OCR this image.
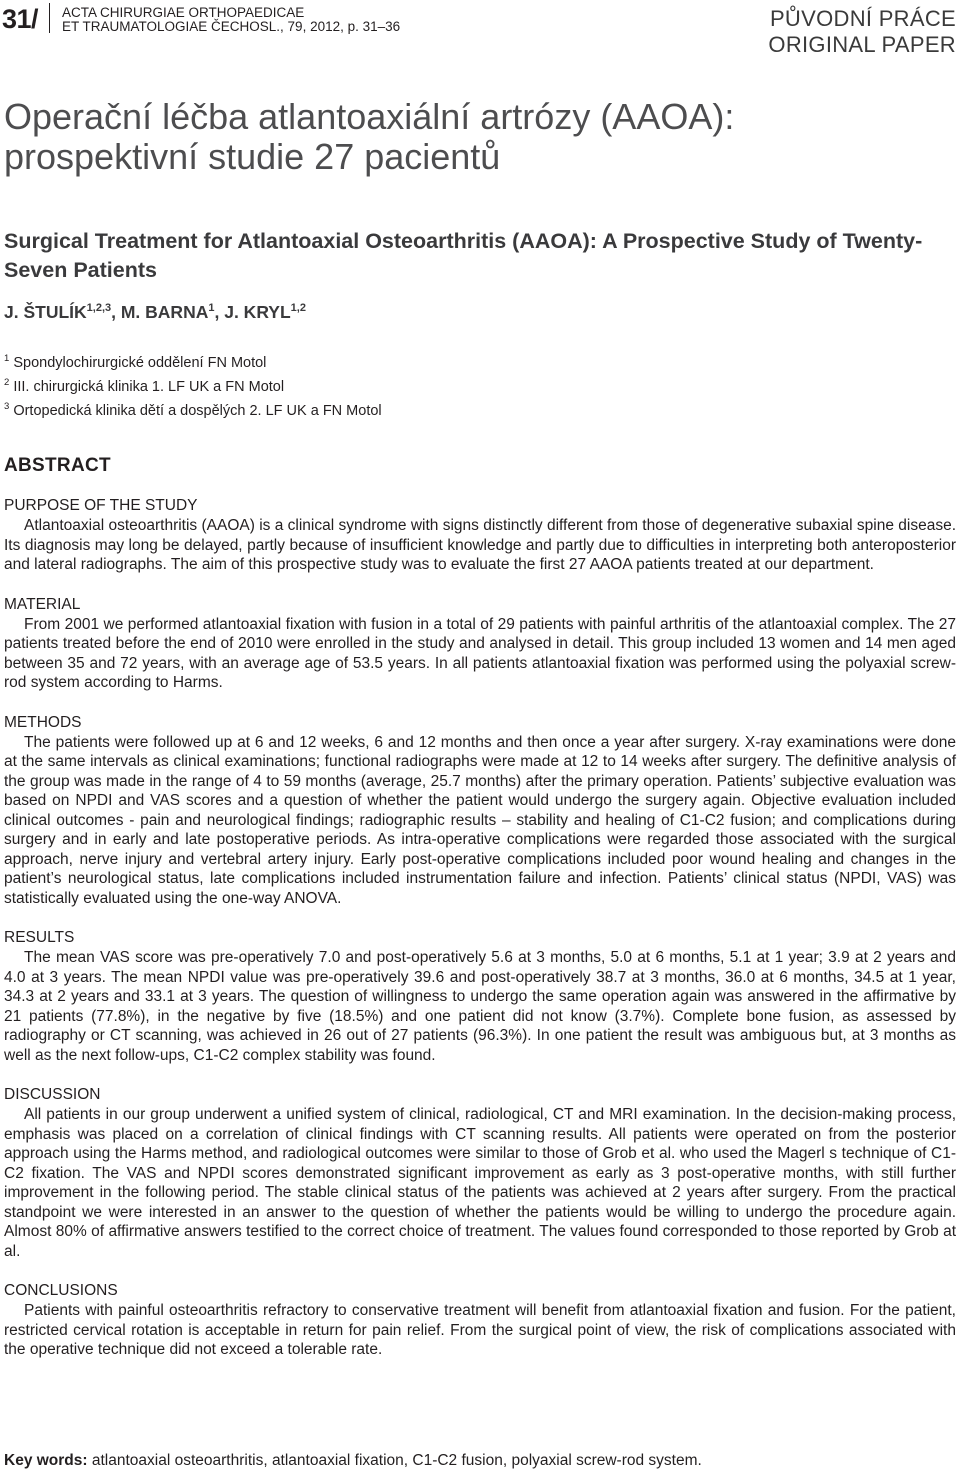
31/ ACTA CHIRURGIAE ORTHOPAEDICAE
ET TRAUMATOLOGIAE ČECHOSL., 79, 2012, p. 31–36	PŮVODNÍ PRÁCE
ORIGINAL PAPER
Operační léčba atlantoaxiální artrózy (AAOA):
prospektivní studie 27 pacientů
Surgical Treatment for Atlantoaxial Osteoarthritis (AAOA): A Prospective Study of Twenty-Seven Patients
J. ŠTULÍK$^{1,2,3}$, M. BARNA$^1$, J. KRYL$^{1,2}$
$^1$ Spondylochirurgické oddělení FN Motol
$^2$ III. chirurgická klinika 1. LF UK a FN Motol
$^3$ Ortopedická klinika dětí a dospělých 2. LF UK a FN Motol
ABSTRACT
PURPOSE OF THE STUDY
Atlantoaxial osteoarthritis (AAOA) is a clinical syndrome with signs distinctly different from those of degenerative subaxial spine disease. Its diagnosis may long be delayed, partly because of insufficient knowledge and partly due to difficulties in interpreting both anteroposterior and lateral radiographs. The aim of this prospective study was to evaluate the first 27 AAOA patients treated at our department.
MATERIAL
From 2001 we performed atlantoaxial fixation with fusion in a total of 29 patients with painful arthritis of the atlantoaxial complex. The 27 patients treated before the end of 2010 were enrolled in the study and analysed in detail. This group included 13 women and 14 men aged between 35 and 72 years, with an average age of 53.5 years. In all patients atlantoaxial fixation was performed using the polyaxial screw-rod system according to Harms.
METHODS
The patients were followed up at 6 and 12 weeks, 6 and 12 months and then once a year after surgery. X-ray examinations were done at the same intervals as clinical examinations; functional radiographs were made at 12 to 14 weeks after surgery. The definitive analysis of the group was made in the range of 4 to 59 months (average, 25.7 months) after the primary operation. Patients’ subjective evaluation was based on NPDI and VAS scores and a question of whether the patient would undergo the surgery again. Objective evaluation included clinical outcomes - pain and neurological findings; radiographic results – stability and healing of C1-C2 fusion; and complications during surgery and in early and late postoperative periods. As intra-operative complications were regarded those associated with the surgical approach, nerve injury and vertebral artery injury. Early post-operative complications included poor wound healing and changes in the patient’s neurological status, late complications included instrumentation failure and infection. Patients’ clinical status (NPDI, VAS) was statistically evaluated using the one-way ANOVA.
RESULTS
The mean VAS score was pre-operatively 7.0 and post-operatively 5.6 at 3 months, 5.0 at 6 months, 5.1 at 1 year; 3.9 at 2 years and 4.0 at 3 years. The mean NPDI value was pre-operatively 39.6 and post-operatively 38.7 at 3 months, 36.0 at 6 months, 34.5 at 1 year, 34.3 at 2 years and 33.1 at 3 years. The question of willingness to undergo the same operation again was answered in the affirmative by 21 patients (77.8%), in the negative by five (18.5%) and one patient did not know (3.7%). Complete bone fusion, as assessed by radiography or CT scanning, was achieved in 26 out of 27 patients (96.3%). In one patient the result was ambiguous but, at 3 months as well as the next follow-ups, C1-C2 complex stability was found.
DISCUSSION
All patients in our group underwent a unified system of clinical, radiological, CT and MRI examination. In the decision-making process, emphasis was placed on a correlation of clinical findings with CT scanning results. All patients were operated on from the posterior approach using the Harms method, and radiological outcomes were similar to those of Grob et al. who used the Magerl s technique of C1-C2 fixation. The VAS and NPDI scores demonstrated significant improvement as early as 3 post-operative months, with still further improvement in the following period. The stable clinical status of the patients was achieved at 2 years after surgery. From the practical standpoint we were interested in an answer to the question of whether the patients would be willing to undergo the procedure again. Almost 80% of affirmative answers testified to the correct choice of treatment. The values found corresponded to those reported by Grob at al.
CONCLUSIONS
Patients with painful osteoarthritis refractory to conservative treatment will benefit from atlantoaxial fixation and fusion. For the patient, restricted cervical rotation is acceptable in return for pain relief. From the surgical point of view, the risk of complications associated with the operative technique did not exceed a tolerable rate.
Key words: atlantoaxial osteoarthritis, atlantoaxial fixation, C1-C2 fusion, polyaxial screw-rod system.
